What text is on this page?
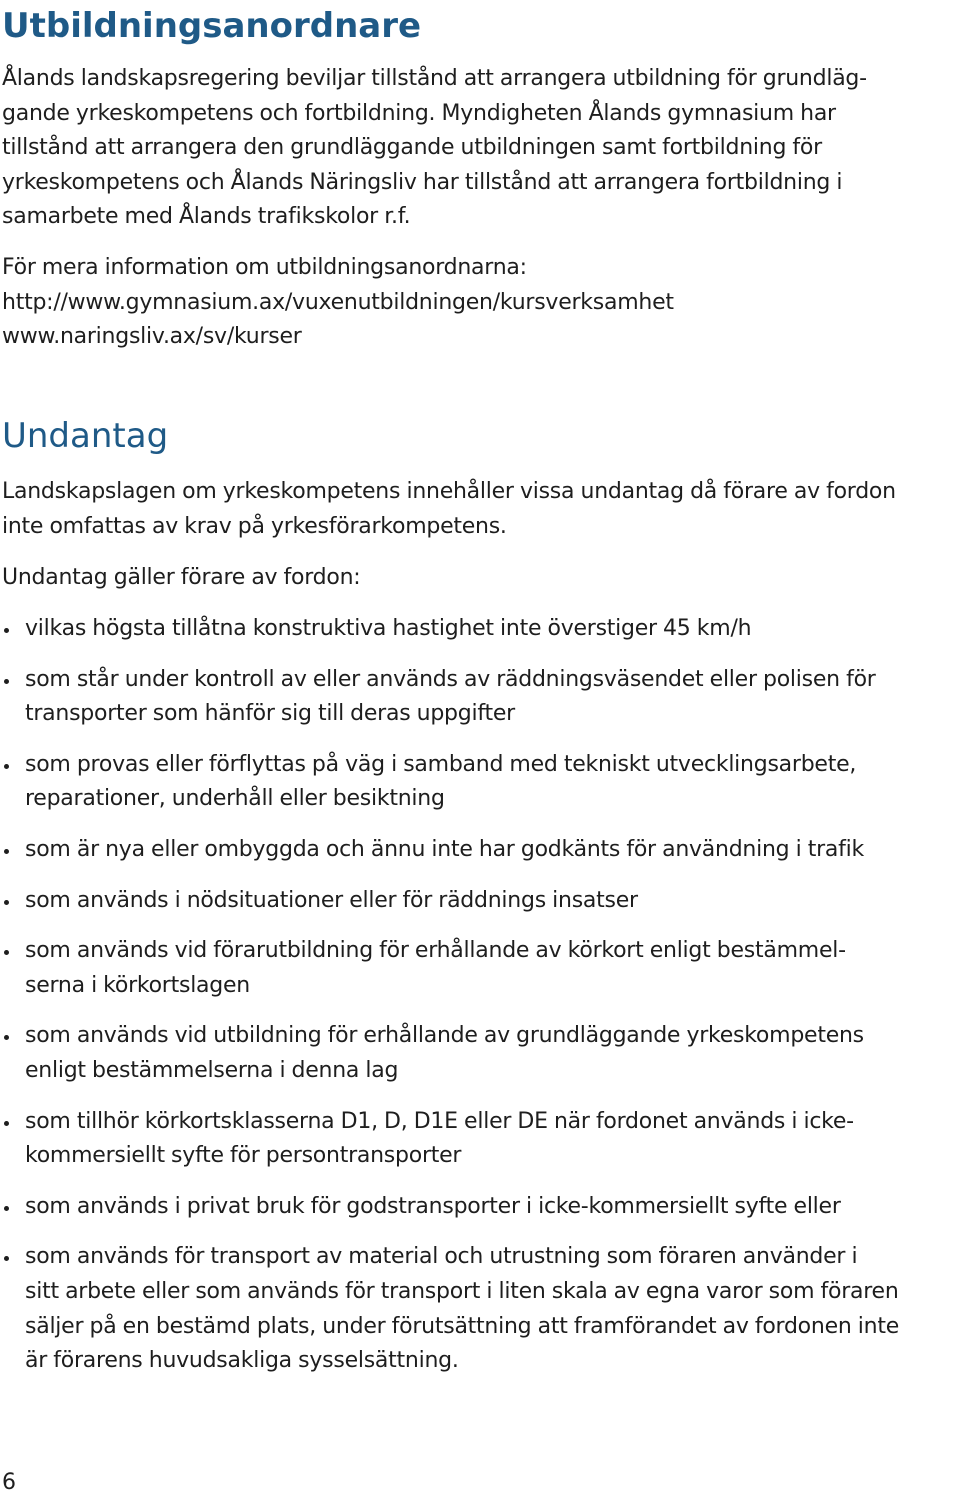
Utbildningsanordnare

Ålands landskapsregering beviljar tillstånd att arrangera utbildning för grundläg-
gande yrkeskompetens och fortbildning. Myndigheten Ålands gymnasium har
tillstånd att arrangera den grundläggande utbildningen samt fortbildning för
yrkeskompetens och Ålands Näringsliv har tillstånd att arrangera fortbildning i
samarbete med Ålands trafikskolor r.f.

För mera information om utbildningsanordnarna:
http://www.gymnasium.ax/vuxenutbildningen/kursverksamhet
www.naringsliv.ax/sv/kurser

Undantag

Landskapslagen om yrkeskompetens innehåller vissa undantag då förare av fordon
inte omfattas av krav på yrkesförarkompetens.

Undantag gäller förare av fordon:

vilkas högsta tillåtna konstruktiva hastighet inte överstiger 45 km/h
som står under kontroll av eller används av räddningsväsendet eller polisen för
transporter som hänför sig till deras uppgifter
som provas eller förflyttas på väg i samband med tekniskt utvecklingsarbete,
reparationer, underhåll eller besiktning
som är nya eller ombyggda och ännu inte har godkänts för användning i trafik
som används i nödsituationer eller för räddnings insatser
som används vid förarutbildning för erhållande av körkort enligt bestämmel-
serna i körkortslagen
som används vid utbildning för erhållande av grundläggande yrkeskompetens
enligt bestämmelserna i denna lag
som tillhör körkortsklasserna D1, D, D1E eller DE när fordonet används i icke-
kommersiellt syfte för persontransporter
som används i privat bruk för godstransporter i icke-kommersiellt syfte eller
som används för transport av material och utrustning som föraren använder i
sitt arbete eller som används för transport i liten skala av egna varor som föraren
säljer på en bestämd plats, under förutsättning att framförandet av fordonen inte
är förarens huvudsakliga sysselsättning.
6
